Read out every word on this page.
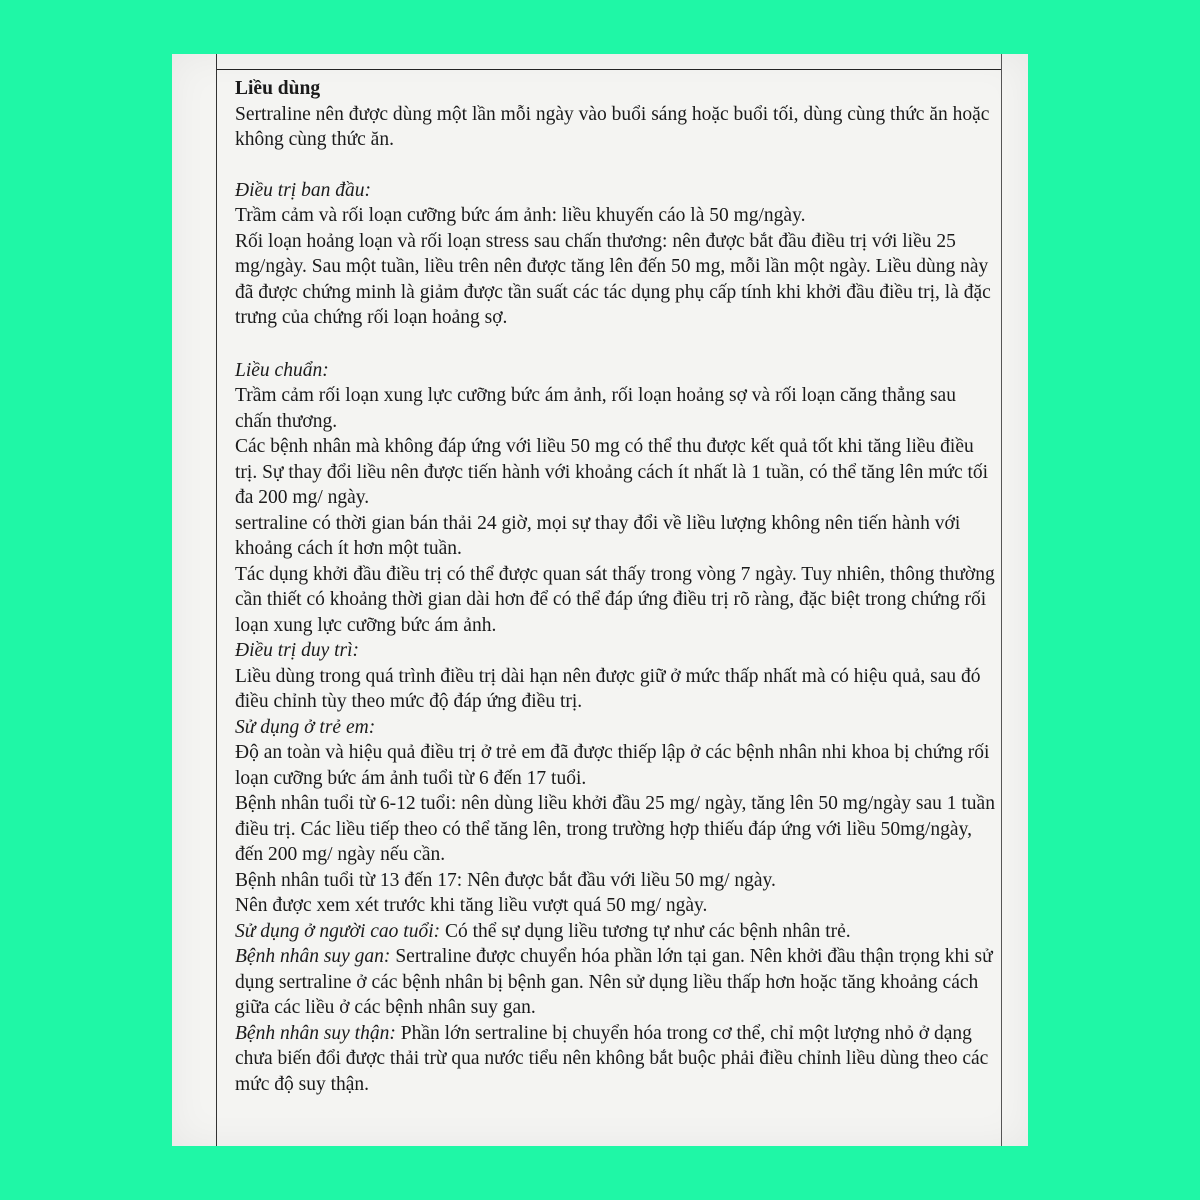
Liều dùng

Sertraline nên được dùng một lần mỗi ngày vào buổi sáng hoặc buổi tối, dùng cùng thức ăn hoặc không cùng thức ăn.

Điều trị ban đầu:

Trầm cảm và rối loạn cưỡng bức ám ảnh: liều khuyến cáo là 50 mg/ngày.

Rối loạn hoảng loạn và rối loạn stress sau chấn thương: nên được bắt đầu điều trị với liều 25 mg/ngày. Sau một tuần, liều trên nên được tăng lên đến 50 mg, mỗi lần một ngày. Liều dùng này đã được chứng minh là giảm được tần suất các tác dụng phụ cấp tính khi khởi đầu điều trị, là đặc trưng của chứng rối loạn hoảng sợ.

Liều chuẩn:

Trầm cảm rối loạn xung lực cưỡng bức ám ảnh, rối loạn hoảng sợ và rối loạn căng thẳng sau chấn thương.

Các bệnh nhân mà không đáp ứng với liều 50 mg có thể thu được kết quả tốt khi tăng liều điều trị. Sự thay đổi liều nên được tiến hành với khoảng cách ít nhất là 1 tuần, có thể tăng lên mức tối đa 200 mg/ ngày.

sertraline có thời gian bán thải 24 giờ, mọi sự thay đổi về liều lượng không nên tiến hành với khoảng cách ít hơn một tuần.

Tác dụng khởi đầu điều trị có thể được quan sát thấy trong vòng 7 ngày. Tuy nhiên, thông thường cần thiết có khoảng thời gian dài hơn để có thể đáp ứng điều trị rõ ràng, đặc biệt trong chứng rối loạn xung lực cưỡng bức ám ảnh.

Điều trị duy trì:

Liều dùng trong quá trình điều trị dài hạn nên được giữ ở mức thấp nhất mà có hiệu quả, sau đó điều chỉnh tùy theo mức độ đáp ứng điều trị.

Sử dụng ở trẻ em:

Độ an toàn và hiệu quả điều trị ở trẻ em đã được thiếp lập ở các bệnh nhân nhi khoa bị chứng rối loạn cưỡng bức ám ảnh tuổi từ 6 đến 17 tuổi.

Bệnh nhân tuổi từ 6-12 tuổi: nên dùng liều khởi đầu 25 mg/ ngày, tăng lên 50 mg/ngày sau 1 tuần điều trị. Các liều tiếp theo có thể tăng lên, trong trường hợp thiếu đáp ứng với liều 50mg/ngày, đến 200 mg/ ngày nếu cần.

Bệnh nhân tuổi từ 13 đến 17: Nên được bắt đầu với liều 50 mg/ ngày.

Nên được xem xét trước khi tăng liều vượt quá 50 mg/ ngày.

Sử dụng ở người cao tuổi: Có thể sự dụng liều tương tự như các bệnh nhân trẻ.

Bệnh nhân suy gan: Sertraline được chuyển hóa phần lớn tại gan. Nên khởi đầu thận trọng khi sử dụng sertraline ở các bệnh nhân bị bệnh gan. Nên sử dụng liều thấp hơn hoặc tăng khoảng cách giữa các liều ở các bệnh nhân suy gan.

Bệnh nhân suy thận: Phần lớn sertraline bị chuyển hóa trong cơ thể, chỉ một lượng nhỏ ở dạng chưa biến đổi được thải trừ qua nước tiểu nên không bắt buộc phải điều chỉnh liều dùng theo các mức độ suy thận.
